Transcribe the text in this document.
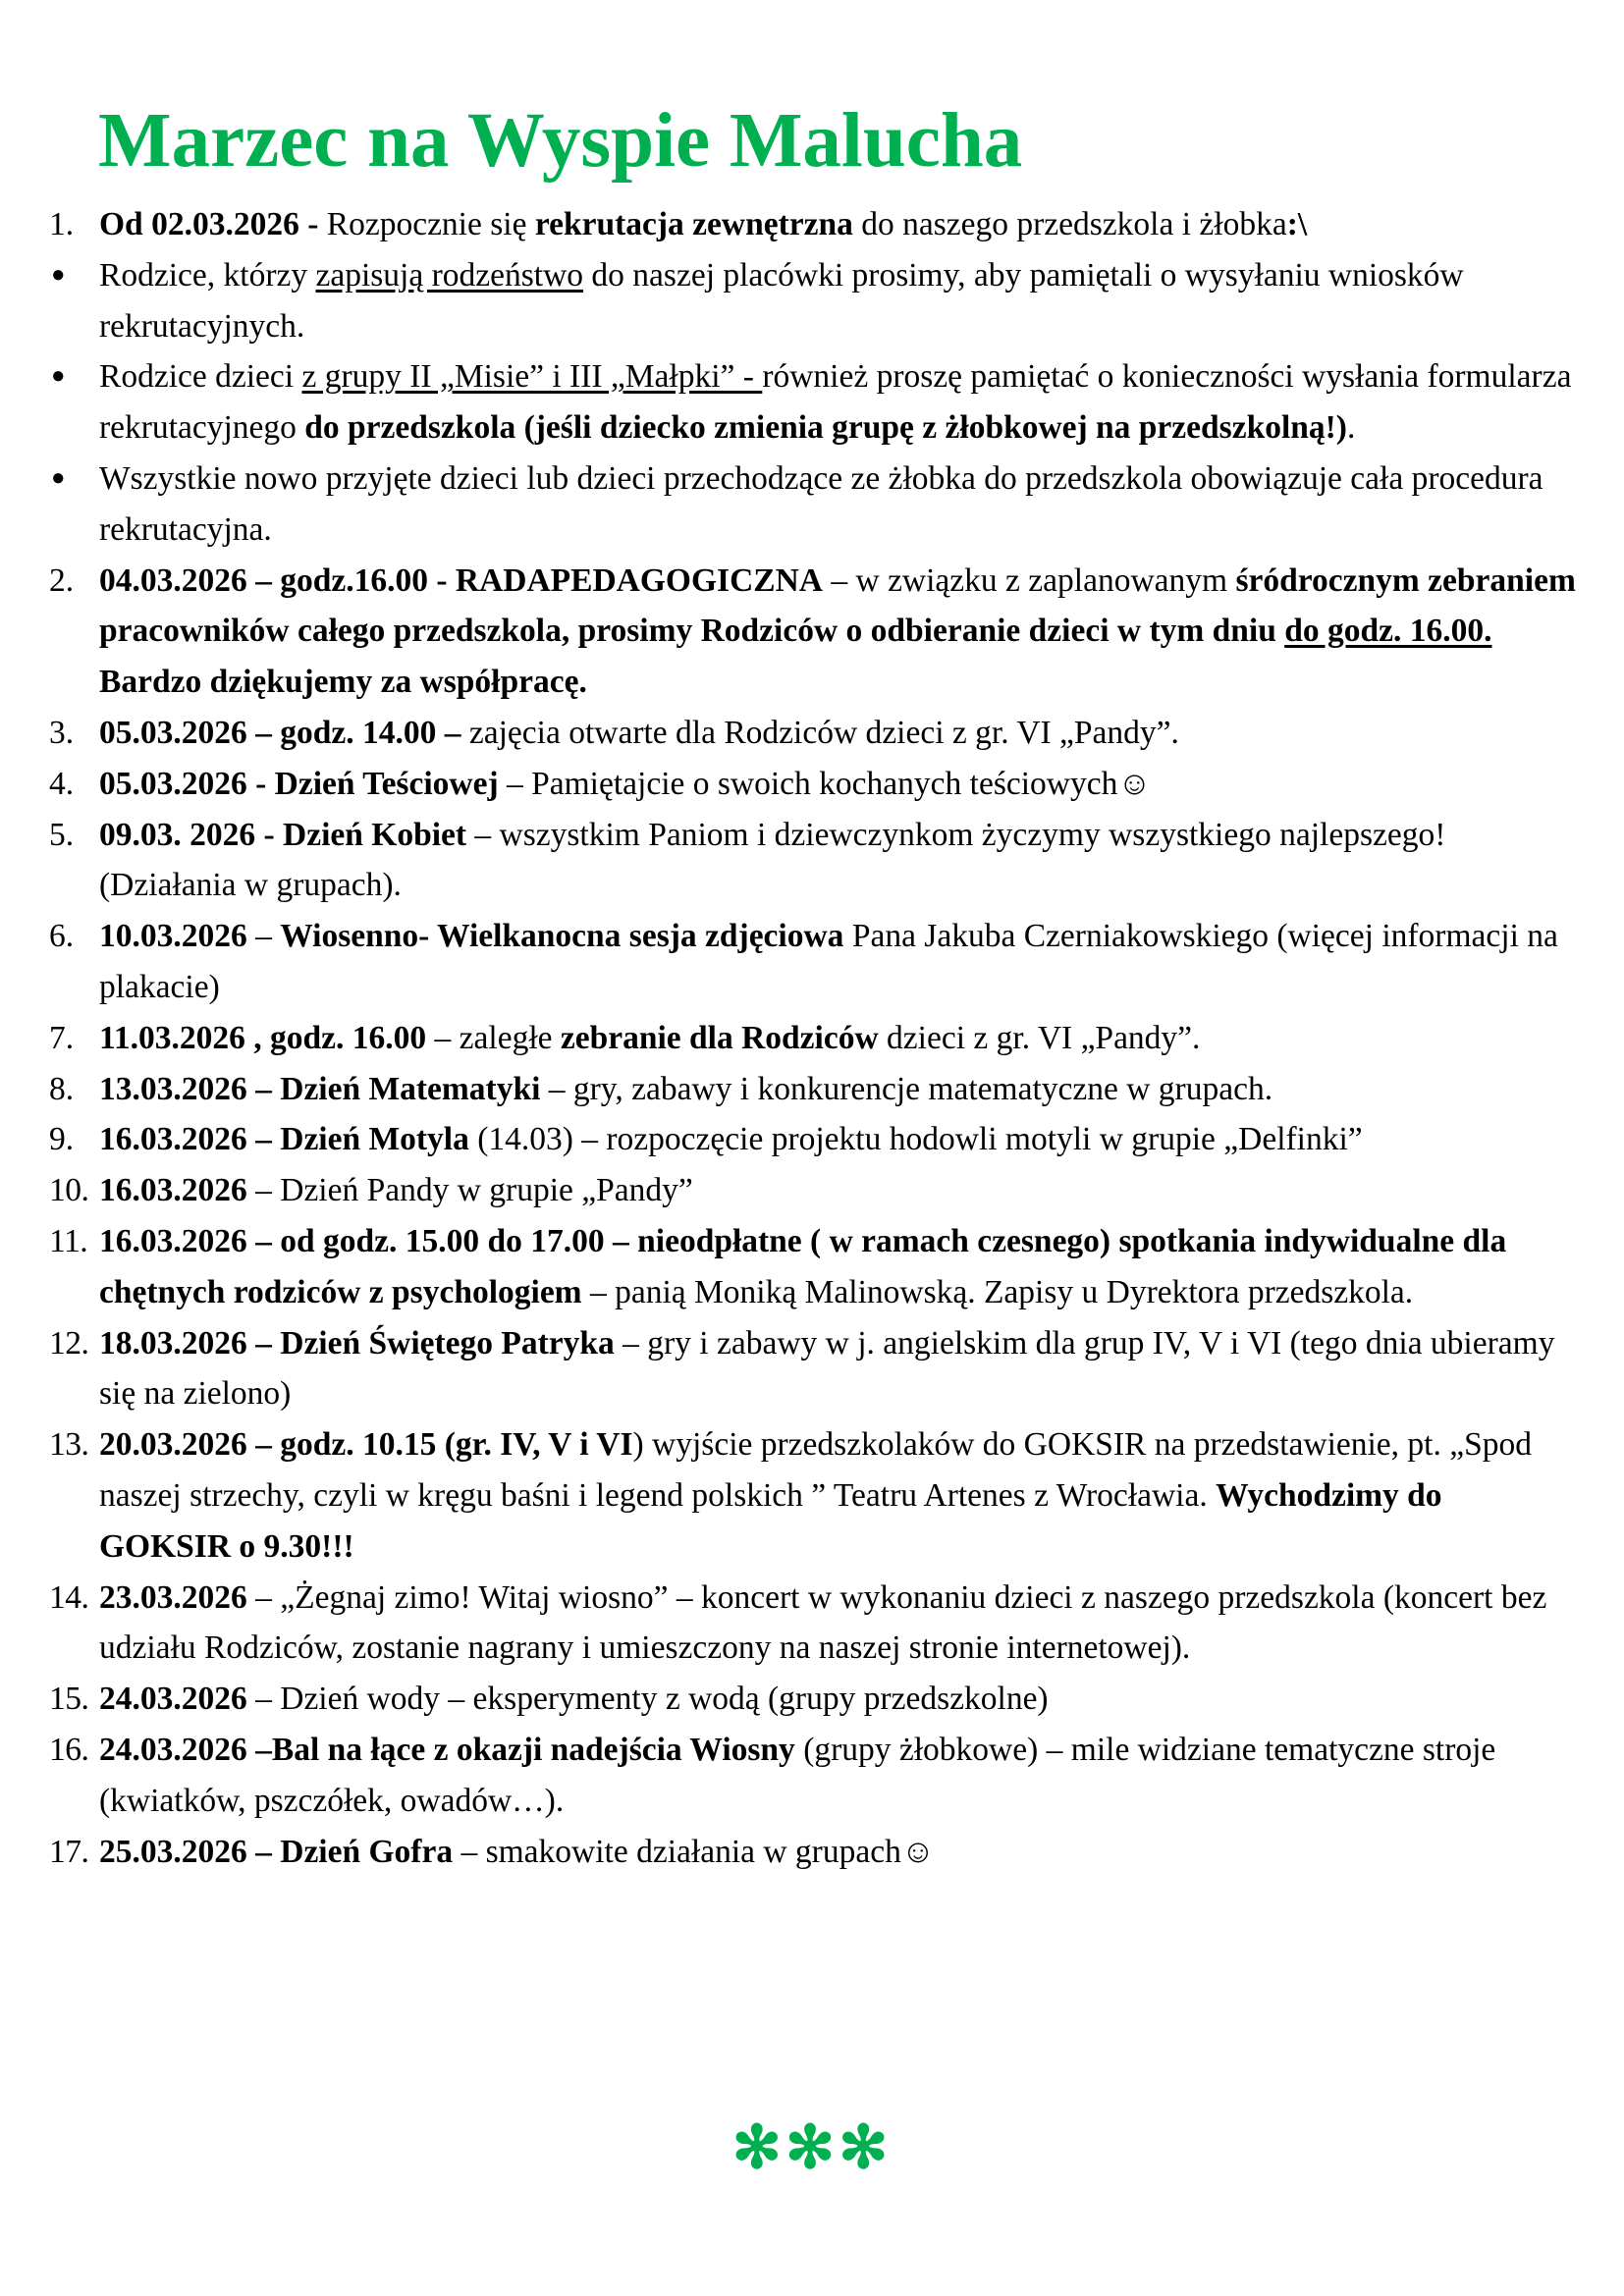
Marzec na Wyspie Malucha
1. Od 02.03.2026 - Rozpocznie się rekrutacja zewnętrzna do naszego przedszkola i żłobka:\
●	Rodzice, którzy zapisują rodzeństwo do naszej placówki prosimy, aby pamiętali o wysyłaniu wniosków rekrutacyjnych.
●	Rodzice dzieci z grupy II „Misie” i III „Małpki” - również proszę pamiętać o konieczności wysłania formularza rekrutacyjnego do przedszkola (jeśli dziecko zmienia grupę z żłobkowej na przedszkolną!).
●	Wszystkie nowo przyjęte dzieci lub dzieci przechodzące ze żłobka do przedszkola obowiązuje cała procedura rekrutacyjna.
2. 04.03.2026 – godz.16.00 - RADAPEDAGOGICZNA – w związku z zaplanowanym śródrocznym zebraniem pracowników całego przedszkola, prosimy Rodziców o odbieranie dzieci w tym dniu do godz. 16.00. Bardzo dziękujemy za współpracę.
3. 05.03.2026 – godz. 14.00 – zajęcia otwarte dla Rodziców dzieci z gr. VI „Pandy”.
4. 05.03.2026 - Dzień Teściowej – Pamiętajcie o swoich kochanych teściowych☺
5. 09.03. 2026 - Dzień Kobiet – wszystkim Paniom i dziewczynkom życzymy wszystkiego najlepszego! (Działania w grupach).
6. 10.03.2026 – Wiosenno- Wielkanocna sesja zdjęciowa Pana Jakuba Czerniakowskiego (więcej informacji na plakacie)
7. 11.03.2026 , godz. 16.00 – zaległe zebranie dla Rodziców dzieci z gr. VI „Pandy”.
8. 13.03.2026 – Dzień Matematyki – gry, zabawy i konkurencje matematyczne w grupach.
9. 16.03.2026 – Dzień Motyla (14.03) – rozpoczęcie projektu hodowli motyli w grupie „Delfinki”
10. 16.03.2026 – Dzień Pandy w grupie „Pandy”
11. 16.03.2026 – od godz. 15.00 do 17.00 – nieodpłatne ( w ramach czesnego) spotkania indywidualne dla chętnych rodziców z psychologiem – panią Moniką Malinowską. Zapisy u Dyrektora przedszkola.
12. 18.03.2026 – Dzień Świętego Patryka – gry i zabawy w j. angielskim dla grup IV, V i VI (tego dnia ubieramy się na zielono)
13. 20.03.2026 – godz. 10.15 (gr. IV, V i VI) wyjście przedszkolaków do GOKSIR na przedstawienie, pt. „Spod naszej strzechy, czyli w kręgu baśni i legend polskich ” Teatru Artenes z Wrocławia. Wychodzimy do GOKSIR o 9.30!!!
14. 23.03.2026 – „Żegnaj zimo! Witaj wiosno” – koncert w wykonaniu dzieci z naszego przedszkola (koncert bez udziału Rodziców, zostanie nagrany i umieszczony na naszej stronie internetowej).
15. 24.03.2026 – Dzień wody – eksperymenty z wodą (grupy przedszkolne)
16. 24.03.2026 –Bal na łące z okazji nadejścia Wiosny (grupy żłobkowe) – mile widziane tematyczne stroje (kwiatków, pszczółek, owadów…).
17. 25.03.2026 – Dzień Gofra – smakowite działania w grupach☺
✻✻✻
